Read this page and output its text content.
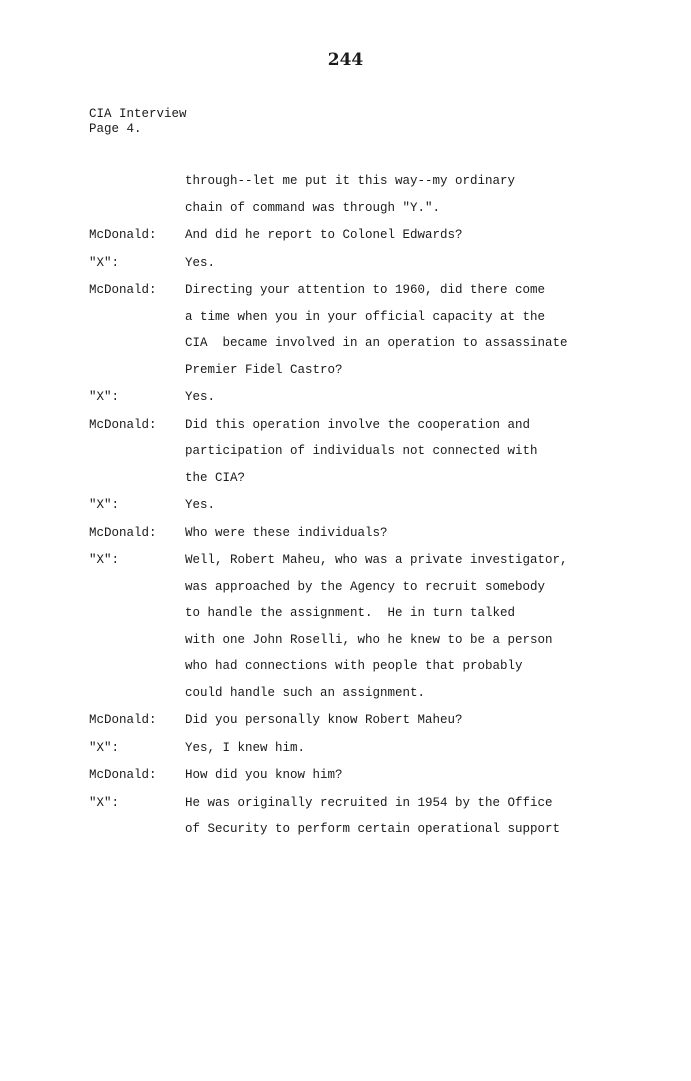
244
CIA Interview
Page 4.
through--let me put it this way--my ordinary
chain of command was through "Y.".
McDonald:	And did he report to Colonel Edwards?
"X":	Yes.
McDonald:	Directing your attention to 1960, did there come
a time when you in your official capacity at the
CIA  became involved in an operation to assassinate
Premier Fidel Castro?
"X":	Yes.
McDonald:	Did this operation involve the cooperation and
participation of individuals not connected with
the CIA?
"X":	Yes.
McDonald:	Who were these individuals?
"X":	Well, Robert Maheu, who was a private investigator,
was approached by the Agency to recruit somebody
to handle the assignment.  He in turn talked
with one John Roselli, who he knew to be a person
who had connections with people that probably
could handle such an assignment.
McDonald:	Did you personally know Robert Maheu?
"X":	Yes, I knew him.
McDonald:	How did you know him?
"X":	He was originally recruited in 1954 by the Office
of Security to perform certain operational support
